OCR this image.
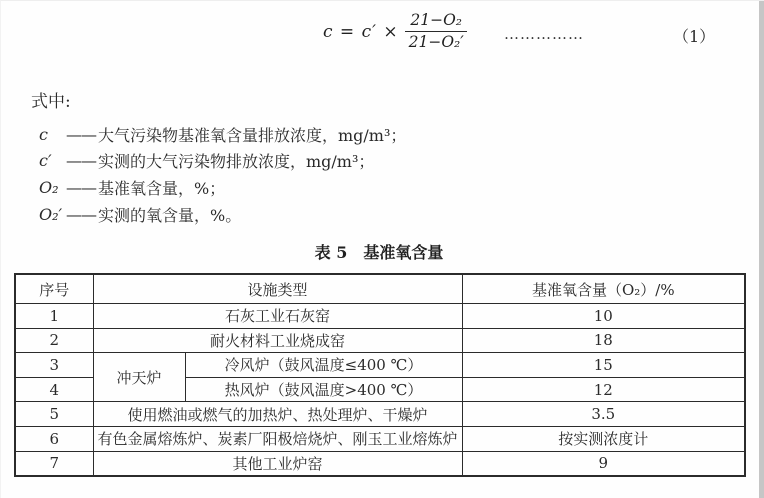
$c = c' \times \frac{\text{21−O₂}}{\text{21−O₂′}}$ ……………	（1）
式中:
c	—— 大气污染物基准氧含量排放浓度，mg/m³；
c′ —— 实测的大气污染物排放浓度，mg/m³；
O₂ —— 基准氧含量，%；
O₂′ —— 实测的氧含量，%。
表 5　基准氧含量
序号	设施类型		基准氧含量（O₂）/%
1	石灰工业石灰窑		10
2	耐火材料工业烧成窑		18
3	冲天炉	冷风炉（鼓风温度≤400 ℃）	15
4		热风炉（鼓风温度>400 ℃）	12
5	使用燃油或燃气的加热炉、热处理炉、干燥炉		3.5
6	有色金属熔炼炉、炭素厂阳极焙烧炉、刚玉工业熔炼炉		按实测浓度计
7	其他工业炉窑		9
